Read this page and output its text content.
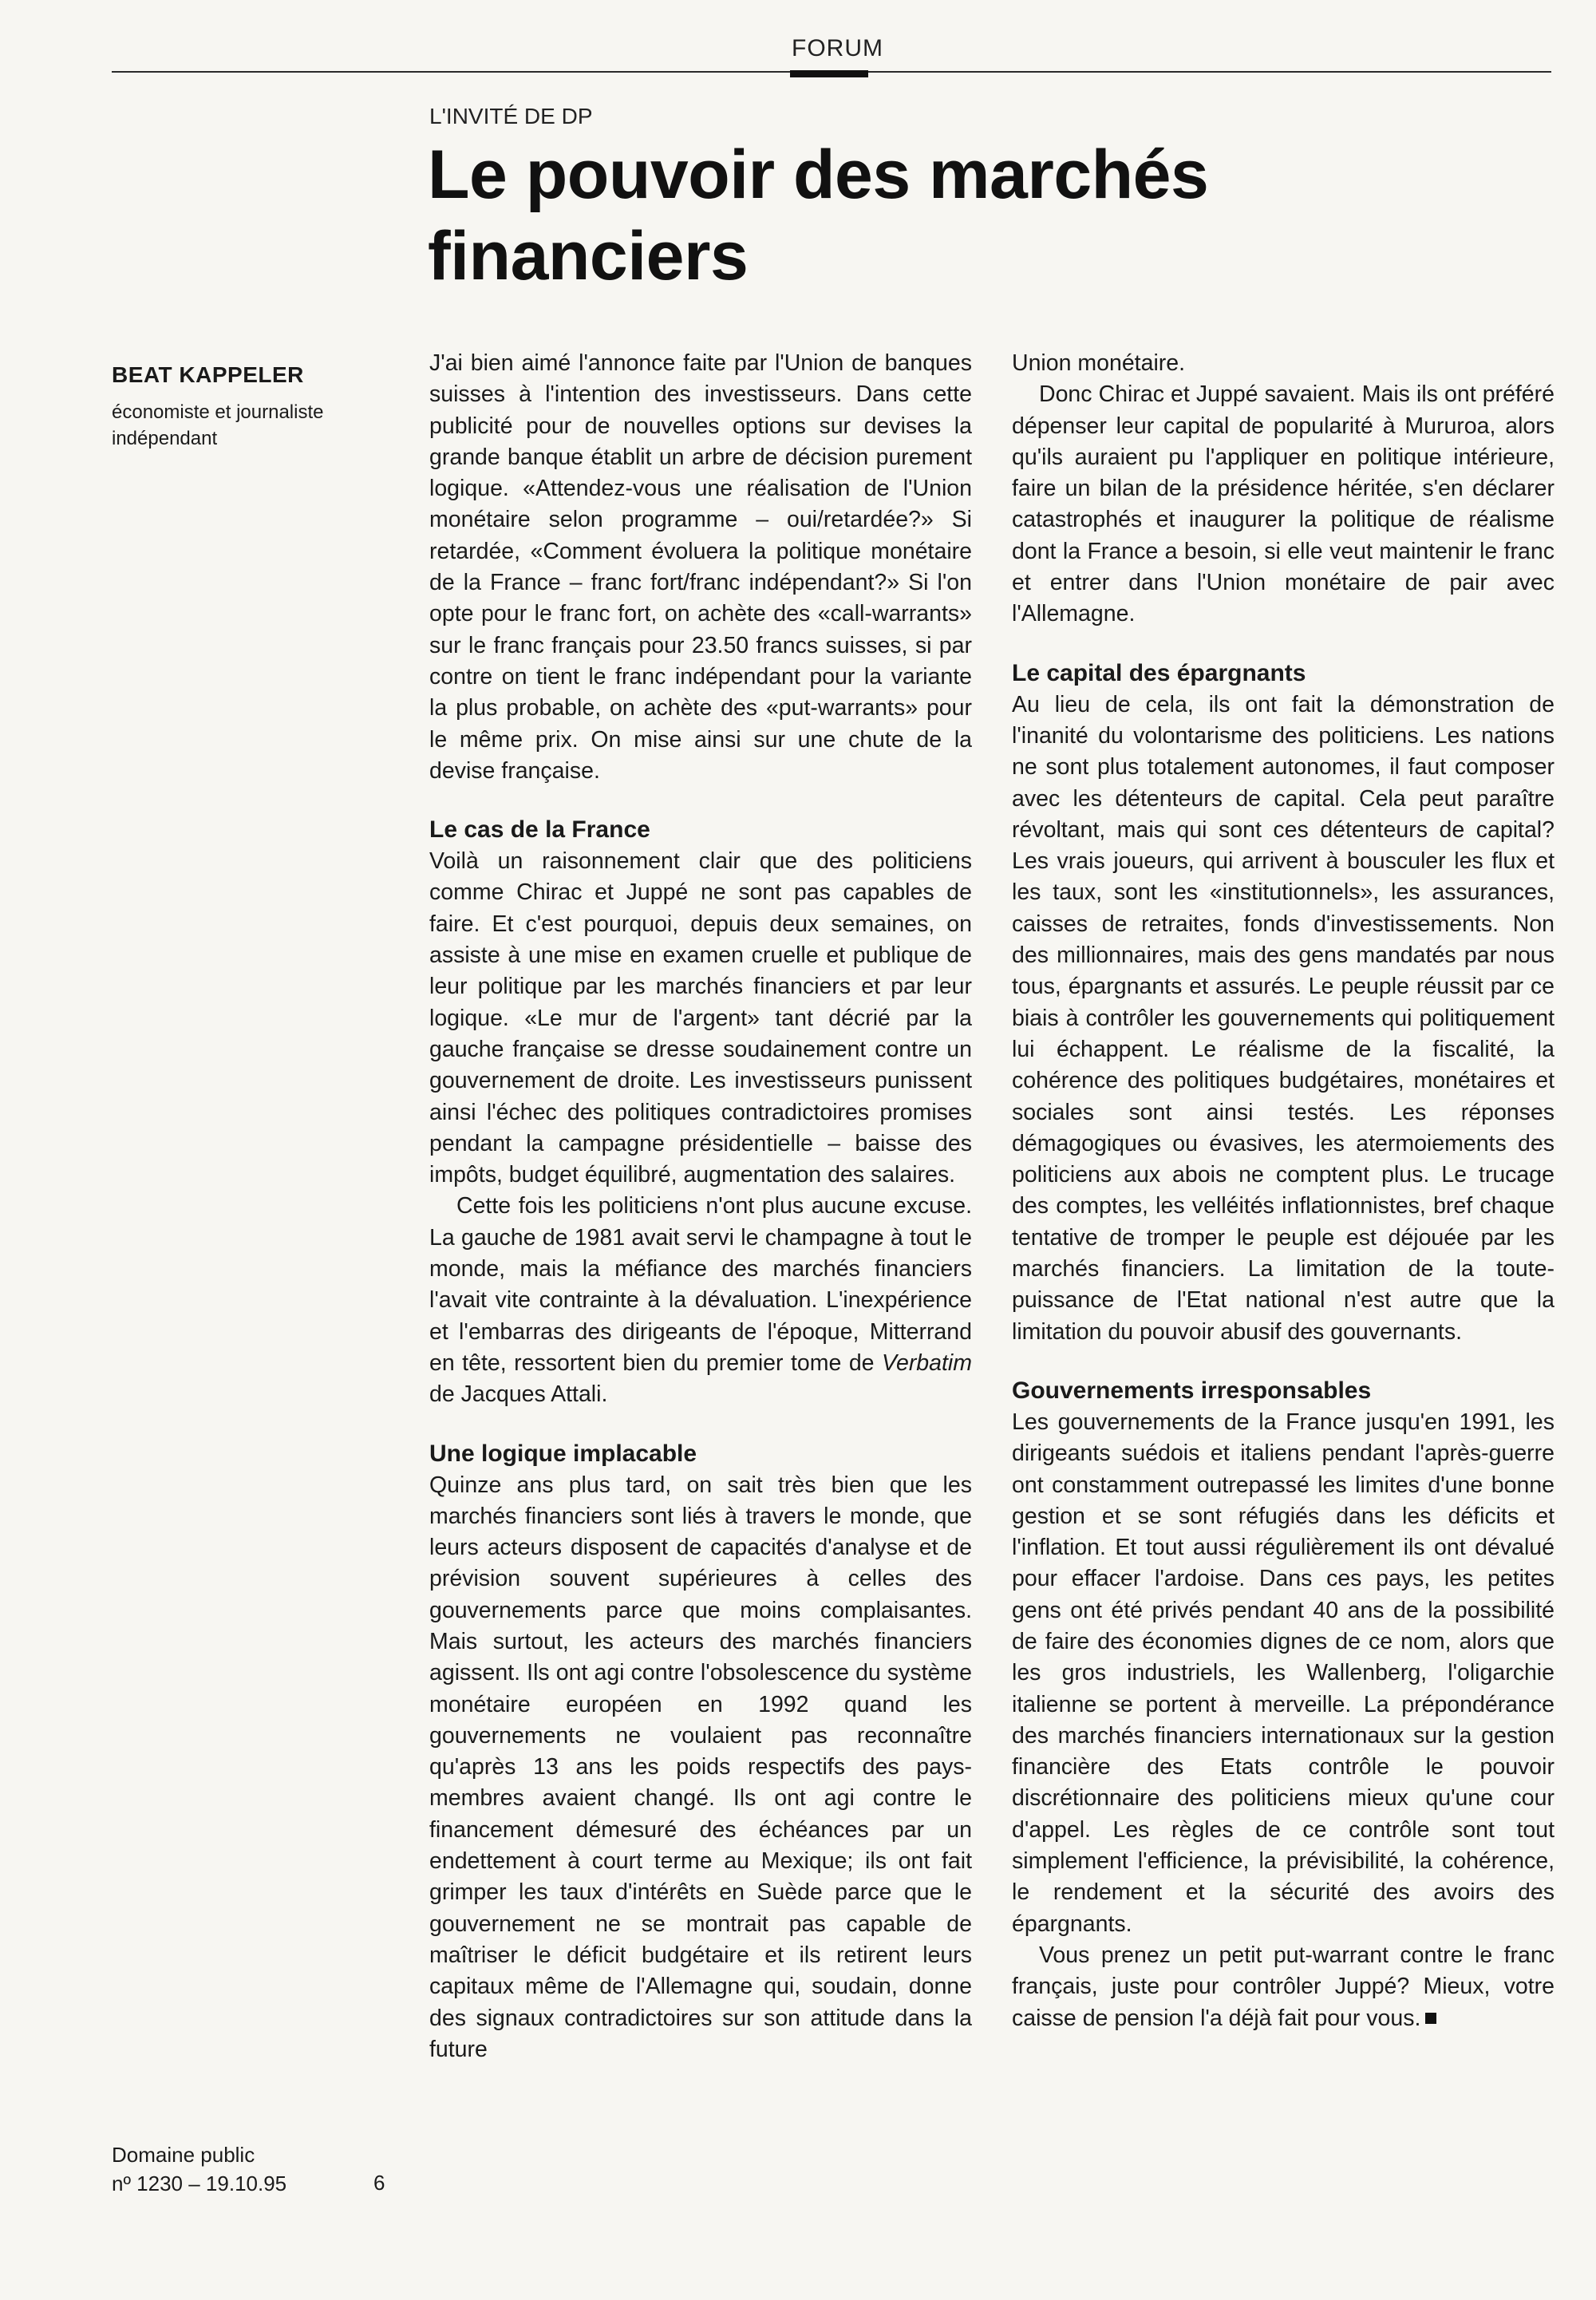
FORUM
L'INVITÉ DE DP
Le pouvoir des marchés financiers
BEAT KAPPELER
économiste et journaliste indépendant

J'ai bien aimé l'annonce faite par l'Union de banques suisses à l'intention des investisseurs. Dans cette publicité pour de nouvelles options sur devises la grande banque établit un arbre de décision purement logique. «Attendez-vous une réalisation de l'Union monétaire selon programme – oui/retardée?» Si retardée, «Comment évoluera la politique monétaire de la France – franc fort/franc indépendant?» Si l'on opte pour le franc fort, on achète des «call-warrants» sur le franc français pour 23.50 francs suisses, si par contre on tient le franc indépendant pour la variante la plus probable, on achète des «put-warrants» pour le même prix. On mise ainsi sur une chute de la devise française.

Le cas de la France

Voilà un raisonnement clair que des politiciens comme Chirac et Juppé ne sont pas capables de faire. Et c'est pourquoi, depuis deux semaines, on assiste à une mise en examen cruelle et publique de leur politique par les marchés financiers et par leur logique. «Le mur de l'argent» tant décrié par la gauche française se dresse soudainement contre un gouvernement de droite. Les investisseurs punissent ainsi l'échec des politiques contradictoires promises pendant la campagne présidentielle – baisse des impôts, budget équilibré, augmentation des salaires.

Cette fois les politiciens n'ont plus aucune excuse. La gauche de 1981 avait servi le champagne à tout le monde, mais la méfiance des marchés financiers l'avait vite contrainte à la dévaluation. L'inexpérience et l'embarras des dirigeants de l'époque, Mitterrand en tête, ressortent bien du premier tome de Verbatim de Jacques Attali.

Une logique implacable

Quinze ans plus tard, on sait très bien que les marchés financiers sont liés à travers le monde, que leurs acteurs disposent de capacités d'analyse et de prévision souvent supérieures à celles des gouvernements parce que moins complaisantes. Mais surtout, les acteurs des marchés financiers agissent. Ils ont agi contre l'obsolescence du système monétaire européen en 1992 quand les gouvernements ne voulaient pas reconnaître qu'après 13 ans les poids respectifs des pays-membres avaient changé. Ils ont agi contre le financement démesuré des échéances par un endettement à court terme au Mexique; ils ont fait grimper les taux d'intérêts en Suède parce que le gouvernement ne se montrait pas capable de maîtriser le déficit budgétaire et ils retirent leurs capitaux même de l'Allemagne qui, soudain, donne des signaux contradictoires sur son attitude dans la future

Union monétaire.

Donc Chirac et Juppé savaient. Mais ils ont préféré dépenser leur capital de popularité à Mururoa, alors qu'ils auraient pu l'appliquer en politique intérieure, faire un bilan de la présidence héritée, s'en déclarer catastrophés et inaugurer la politique de réalisme dont la France a besoin, si elle veut maintenir le franc et entrer dans l'Union monétaire de pair avec l'Allemagne.

Le capital des épargnants

Au lieu de cela, ils ont fait la démonstration de l'inanité du volontarisme des politiciens. Les nations ne sont plus totalement autonomes, il faut composer avec les détenteurs de capital. Cela peut paraître révoltant, mais qui sont ces détenteurs de capital? Les vrais joueurs, qui arrivent à bousculer les flux et les taux, sont les «institutionnels», les assurances, caisses de retraites, fonds d'investissements. Non des millionnaires, mais des gens mandatés par nous tous, épargnants et assurés. Le peuple réussit par ce biais à contrôler les gouvernements qui politiquement lui échappent. Le réalisme de la fiscalité, la cohérence des politiques budgétaires, monétaires et sociales sont ainsi testés. Les réponses démagogiques ou évasives, les atermoiements des politiciens aux abois ne comptent plus. Le trucage des comptes, les velléités inflationnistes, bref chaque tentative de tromper le peuple est déjouée par les marchés financiers. La limitation de la toute-puissance de l'Etat national n'est autre que la limitation du pouvoir abusif des gouvernants.

Gouvernements irresponsables

Les gouvernements de la France jusqu'en 1991, les dirigeants suédois et italiens pendant l'après-guerre ont constamment outrepassé les limites d'une bonne gestion et se sont réfugiés dans les déficits et l'inflation. Et tout aussi régulièrement ils ont dévalué pour effacer l'ardoise. Dans ces pays, les petites gens ont été privés pendant 40 ans de la possibilité de faire des économies dignes de ce nom, alors que les gros industriels, les Wallenberg, l'oligarchie italienne se portent à merveille. La prépondérance des marchés financiers internationaux sur la gestion financière des Etats contrôle le pouvoir discrétionnaire des politiciens mieux qu'une cour d'appel. Les règles de ce contrôle sont tout simplement l'efficience, la prévisibilité, la cohérence, le rendement et la sécurité des avoirs des épargnants.

Vous prenez un petit put-warrant contre le franc français, juste pour contrôler Juppé? Mieux, votre caisse de pension l'a déjà fait pour vous.

Domaine public
nº 1230 – 19.10.95	6
